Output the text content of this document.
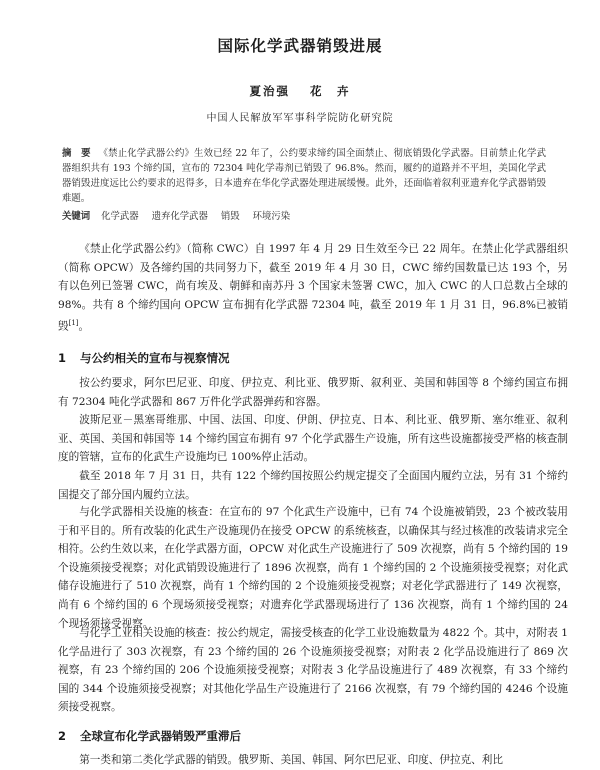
国际化学武器销毁进展
夏治强 花　卉
中国人民解放军军事科学院防化研究院
摘　要 《禁止化学武器公约》生效已经 22 年了，公约要求缔约国全面禁止、彻底销毁化学武器。目前禁止化学武器组织共有 193 个缔约国，宣布的 72304 吨化学毒剂已销毁了 96.8%。然而，履约的道路并不平坦，美国化学武器销毁进度远比公约要求的迟得多，日本遗弃在华化学武器处理进展缓慢。此外，还面临着叙利亚遗弃化学武器销毁难题。
关键词 化学武器 遗弃化学武器 销毁 环境污染

《禁止化学武器公约》（简称 CWC）自 1997 年 4 月 29 日生效至今已 22 周年。在禁止化学武器组织（简称 OPCW）及各缔约国的共同努力下，截至 2019 年 4 月 30 日，CWC 缔约国数量已达 193 个，另有以色列已签署 CWC，尚有埃及、朝鲜和南苏丹 3 个国家未签署 CWC，加入 CWC 的人口总数占全球的 98%。共有 8 个缔约国向 OPCW 宣布拥有化学武器 72304 吨，截至 2019 年 1 月 31 日，96.8%已被销毁[1]。

1 与公约相关的宣布与视察情况

按公约要求，阿尔巴尼亚、印度、伊拉克、利比亚、俄罗斯、叙利亚、美国和韩国等 8 个缔约国宣布拥有 72304 吨化学武器和 867 万件化学武器弹药和容器。

波斯尼亚－黑塞哥维那、中国、法国、印度、伊朗、伊拉克、日本、利比亚、俄罗斯、塞尔维亚、叙利亚、英国、美国和韩国等 14 个缔约国宣布拥有 97 个化学武器生产设施，所有这些设施都接受严格的核查制度的管辖，宣布的化武生产设施均已 100%停止活动。

截至 2018 年 7 月 31 日，共有 122 个缔约国按照公约规定提交了全面国内履约立法，另有 31 个缔约国提交了部分国内履约立法。

与化学武器相关设施的核查：在宣布的 97 个化武生产设施中，已有 74 个设施被销毁，23 个被改装用于和平目的。所有改装的化武生产设施现仍在接受 OPCW 的系统核查，以确保其与经过核准的改装请求完全相符。公约生效以来，在化学武器方面，OPCW 对化武生产设施进行了 509 次视察，尚有 5 个缔约国的 19 个设施须接受视察；对化武销毁设施进行了 1896 次视察，尚有 1 个缔约国的 2 个设施须接受视察；对化武储存设施进行了 510 次视察，尚有 1 个缔约国的 2 个设施须接受视察；对老化学武器进行了 149 次视察，尚有 6 个缔约国的 6 个现场须接受视察；对遗弃化学武器现场进行了 136 次视察，尚有 1 个缔约国的 24 个现场须接受视察。

与化学工业相关设施的核查：按公约规定，需接受核查的化学工业设施数量为 4822 个。其中，对附表 1 化学品进行了 303 次视察，有 23 个缔约国的 26 个设施须接受视察；对附表 2 化学品设施进行了 869 次视察，有 23 个缔约国的 206 个设施须接受视察；对附表 3 化学品设施进行了 489 次视察，有 33 个缔约国的 344 个设施须接受视察；对其他化学品生产设施进行了 2166 次视察，有 79 个缔约国的 4246 个设施须接受视察。

2 全球宣布化学武器销毁严重滞后

第一类和第二类化学武器的销毁。俄罗斯、美国、韩国、阿尔巴尼亚、印度、伊拉克、利比
